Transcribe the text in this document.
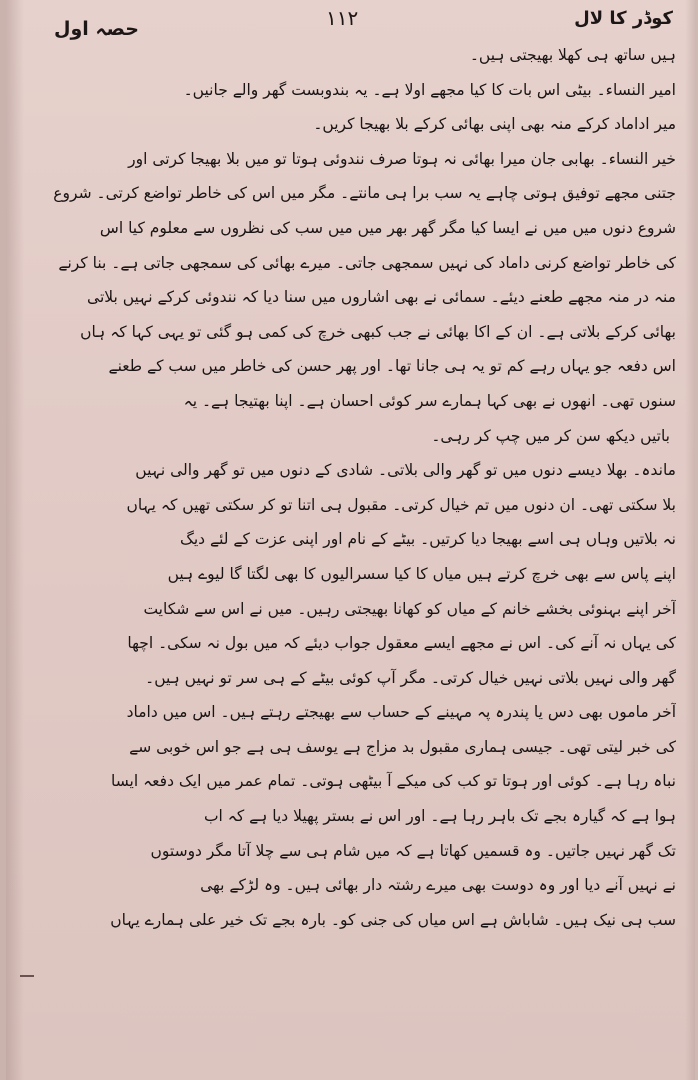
کوڈر کا لال
۱۱۲
حصہ اول
ہیں ساتھ ہی کھلا بھیجتی ہیں۔
امیر النساء۔ بیٹی اس بات کا کیا مجھے اولا ہے۔ یہ بندوبست گھر والے جانیں۔
میر اداماد کرکے منہ بھی اپنی بھائی کرکے بلا بھیجا کریں۔
خیر النساء۔ بھابی جان میرا بھائی نہ ہوتا صرف نندوئی ہوتا تو میں بلا بھیجا کرتی اور
جتنی مجھے توفیق ہوتی چاہے یہ سب برا ہی مانتے۔ مگر میں اس کی خاطر تواضع کرتی۔ شروع
شروع دنوں میں میں نے ایسا کیا مگر گھر بھر میں میں سب کی نظروں سے معلوم کیا اس
کی خاطر تواضع کرنی داماد کی نہیں سمجھی جاتی۔ میرے بھائی کی سمجھی جاتی ہے۔ بنا کرنے
منہ در منہ مجھے طعنے دیئے۔ سمائی نے بھی اشاروں میں سنا دیا کہ نندوئی کرکے نہیں بلاتی
بھائی کرکے بلاتی ہے۔ ان کے اکا بھائی نے جب کبھی خرچ کی کمی ہو گئی تو یہی کہا کہ ہاں
اس دفعہ جو یہاں رہے کم تو یہ ہی جانا تھا۔ اور پھر حسن کی خاطر میں سب کے طعنے
سنوں تھی۔ انھوں نے بھی کہا ہمارے سر کوئی احسان ہے۔ اپنا بھتیجا ہے۔ یہ
باتیں دیکھ سن کر میں چپ کر رہی۔
ماندہ۔ بھلا دیسے دنوں میں تو گھر والی بلاتی۔ شادی کے دنوں میں تو گھر والی نہیں
بلا سکتی تھی۔ ان دنوں میں تم خیال کرتی۔ مقبول ہی اتنا تو کر سکتی تھیں کہ یہاں
نہ بلاتیں وہاں ہی اسے بھیجا دیا کرتیں۔ بیٹے کے نام اور اپنی عزت کے لئے دیگ
اپنے پاس سے بھی خرچ کرتے ہیں میاں کا کیا سسرالیوں کا بھی لگتا گا لیوے ہیں
آخر اپنے بہنوئی بخشے خانم کے میاں کو کھانا بھیجتی رہیں۔ میں نے اس سے شکایت
کی یہاں نہ آنے کی۔ اس نے مجھے ایسے معقول جواب دیئے کہ میں بول نہ سکی۔ اچھا
گھر والی نہیں بلاتی نہیں خیال کرتی۔ مگر آپ کوئی بیٹے کے ہی سر تو نہیں ہیں۔
آخر ماموں بھی دس یا پندرہ پہ مہینے کے حساب سے بھیجتے رہتے ہیں۔ اس میں داماد
کی خبر لیتی تھی۔ جیسی ہماری مقبول بد مزاج ہے یوسف ہی ہے جو اس خوبی سے
نباہ رہا ہے۔ کوئی اور ہوتا تو کب کی میکے آ بیٹھی ہوتی۔ تمام عمر میں ایک دفعہ ایسا
ہوا ہے کہ گیارہ بجے تک باہر رہا ہے۔ اور اس نے بستر پھیلا دیا ہے کہ اب
تک گھر نہیں جاتیں۔ وہ قسمیں کھاتا ہے کہ میں شام ہی سے چلا آتا مگر دوستوں
نے نہیں آنے دیا اور وہ دوست بھی میرے رشتہ دار بھائی ہیں۔ وہ لڑکے بھی
سب ہی نیک ہیں۔ شاباش ہے اس میاں کی جنی کو۔ بارہ بجے تک خیر علی ہمارے یہاں
